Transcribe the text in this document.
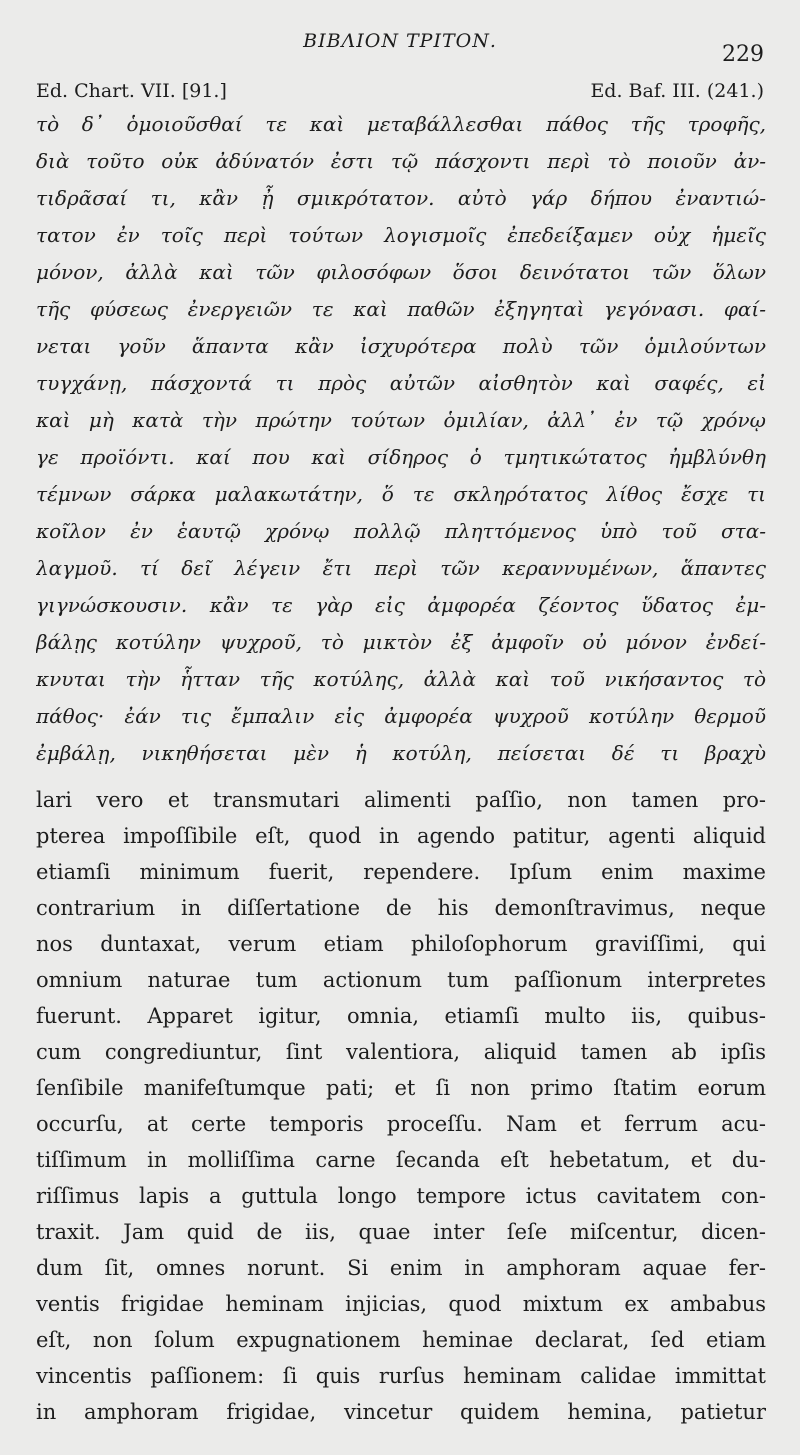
BIBΛΙΟΝ ΤΡΙΤΟΝ.
229
Ed. Chart. VII. [91.]	Ed. Baf. III. (241.)
τὸ δ᾽ ὁμοιοῦσθαί τε καὶ μεταβάλλεσθαι πάθος τῆς τροφῆς,
διὰ τοῦτο οὐκ ἀδύνατόν ἐστι τῷ πάσχοντι περὶ τὸ ποιοῦν ἀν-
τιδρᾶσαί τι, κἂν ᾖ σμικρότατον. αὐτὸ γάρ δήπου ἐναντιώ-
τατον ἐν τοῖς περὶ τούτων λογισμοῖς ἐπεδείξαμεν οὐχ ἡμεῖς
μόνον, ἀλλὰ καὶ τῶν φιλοσόφων ὅσοι δεινότατοι τῶν ὅλων
τῆς φύσεως ἐνεργειῶν τε καὶ παθῶν ἐξηγηταὶ γεγόνασι. φαί-
νεται γοῦν ἅπαντα κἂν ἰσχυρότερα πολὺ τῶν ὁμιλούντων
τυγχάνῃ, πάσχοντά τι πρὸς αὐτῶν αἰσθητὸν καὶ σαφές, εἰ
καὶ μὴ κατὰ τὴν πρώτην τούτων ὁμιλίαν, ἀλλ᾽ ἐν τῷ χρόνῳ
γε προϊόντι. καί που καὶ σίδηρος ὁ τμητικώτατος ἠμβλύνθη
τέμνων σάρκα μαλακωτάτην, ὅ τε σκληρότατος λίθος ἔσχε τι
κοῖλον ἐν ἑαυτῷ χρόνῳ πολλῷ πληττόμενος ὑπὸ τοῦ στα-
λαγμοῦ. τί δεῖ λέγειν ἔτι περὶ τῶν κεραννυμένων, ἅπαντες
γιγνώσκουσιν. κἂν τε γὰρ εἰς ἀμφορέα ζέοντος ὕδατος ἐμ-
βάλῃς κοτύλην ψυχροῦ, τὸ μικτὸν ἐξ ἀμφοῖν οὐ μόνον ἐνδεί-
κνυται τὴν ἧτταν τῆς κοτύλης, ἀλλὰ καὶ τοῦ νικήσαντος τὸ
πάθος· ἐάν τις ἔμπαλιν εἰς ἀμφορέα ψυχροῦ κοτύλην θερμοῦ
ἐμβάλῃ, νικηθήσεται μὲν ἡ κοτύλη, πείσεται δέ τι βραχὺ
lari vero et transmutari alimenti paſſio, non tamen pro-
pterea impoſſibile eſt, quod in agendo patitur, agenti aliquid
etiamſi minimum fuerit, rependere. Ipſum enim maxime
contrarium in diſſertatione de his demonſtravimus, neque
nos duntaxat, verum etiam philoſophorum graviſſimi, qui
omnium naturae tum actionum tum paſſionum interpretes
fuerunt. Apparet igitur, omnia, etiamſi multo iis, quibus-
cum congrediuntur, ſint valentiora, aliquid tamen ab ipſis
ſenſibile manifeſtumque pati; et ſi non primo ſtatim eorum
occurſu, at certe temporis proceſſu. Nam et ferrum acu-
tiſſimum in molliſſima carne ſecanda eſt hebetatum, et du-
riſſimus lapis a guttula longo tempore ictus cavitatem con-
traxit. Jam quid de iis, quae inter ſeſe miſcentur, dicen-
dum ſit, omnes norunt. Si enim in amphoram aquae fer-
ventis frigidae heminam injicias, quod mixtum ex ambabus
eſt, non ſolum expugnationem heminae declarat, ſed etiam
vincentis paſſionem: ſi quis rurſus heminam calidae immittat
in amphoram frigidae, vincetur quidem hemina, patietur
